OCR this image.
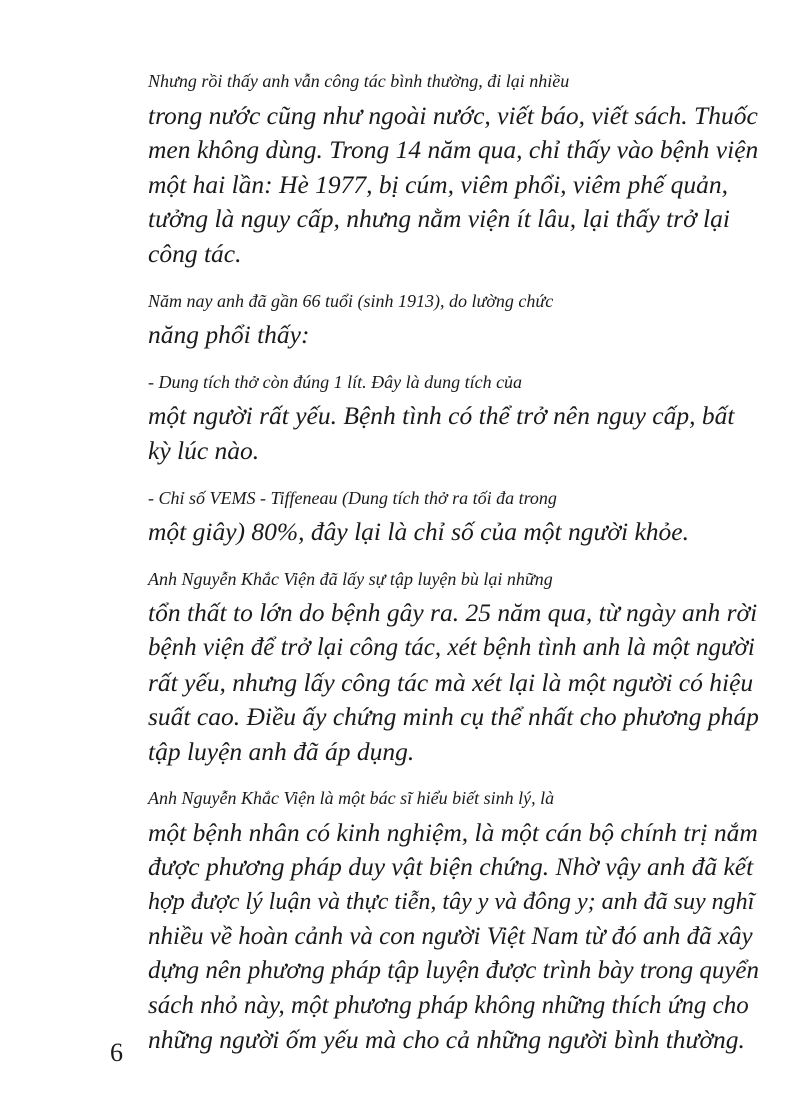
Nhưng rồi thấy anh vẫn công tác bình thường, đi lại nhiều
trong nước cũng như ngoài nước, viết báo, viết sách. Thuốc
men không dùng. Trong 14 năm qua, chỉ thấy vào bệnh viện
một hai lần: Hè 1977, bị cúm, viêm phổi, viêm phế quản,
tưởng là nguy cấp, nhưng nằm viện ít lâu, lại thấy trở lại
công tác.
Năm nay anh đã gần 66 tuổi (sinh 1913), do lường chức
năng phổi thấy:
- Dung tích thở còn đúng 1 lít. Đây là dung tích của
một người rất yếu. Bệnh tình có thể trở nên nguy cấp, bất
kỳ lúc nào.
- Chỉ số VEMS - Tiffeneau (Dung tích thở ra tối đa trong
một giây) 80%, đây lại là chỉ số của một người khỏe.
Anh Nguyễn Khắc Viện đã lấy sự tập luyện bù lại những
tổn thất to lớn do bệnh gây ra. 25 năm qua, từ ngày anh rời
bệnh viện để trở lại công tác, xét bệnh tình anh là một người
rất yếu, nhưng lấy công tác mà xét lại là một người có hiệu
suất cao. Điều ấy chứng minh cụ thể nhất cho phương pháp
tập luyện anh đã áp dụng.
Anh Nguyễn Khắc Viện là một bác sĩ hiểu biết sinh lý, là
một bệnh nhân có kinh nghiệm, là một cán bộ chính trị nắm
được phương pháp duy vật biện chứng. Nhờ vậy anh đã kết
hợp được lý luận và thực tiễn, tây y và đông y; anh đã suy nghĩ
nhiều về hoàn cảnh và con người Việt Nam từ đó anh đã xây
dựng nên phương pháp tập luyện được trình bày trong quyển
sách nhỏ này, một phương pháp không những thích ứng cho
những người ốm yếu mà cho cả những người bình thường.
6
